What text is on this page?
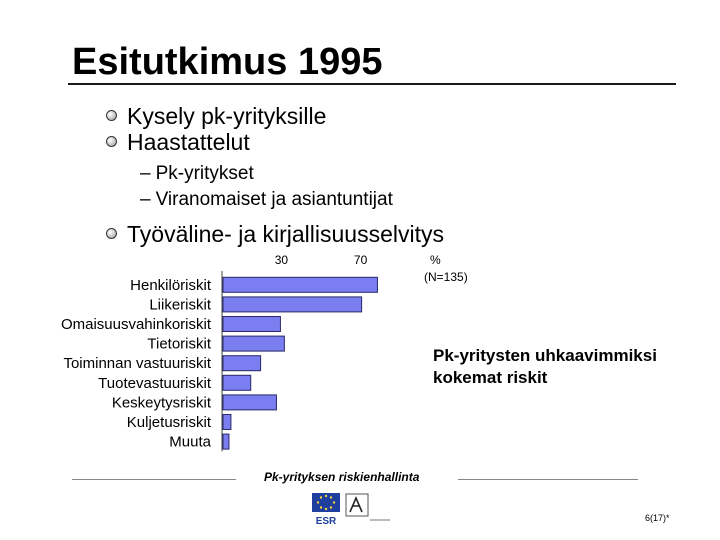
Esitutkimus 1995
Kysely pk-yrityksille
Haastattelut
– Pk-yritykset
– Viranomaiset ja asiantuntijat
Työväline- ja kirjallisuusselvitys
30	70	%
(N=135)
Henkilöriskit
Liikeriskit
Omaisuusvahinkoriskit
Tietoriskit
Toiminnan vastuuriskit
Tuotevastuuriskit
Keskeytysriskit
Kuljetusriskit
Muuta
Pk-yritysten uhkaavimmiksi
kokemat riskit
Pk-yrityksen riskienhallinta
ESR	6(17)*
